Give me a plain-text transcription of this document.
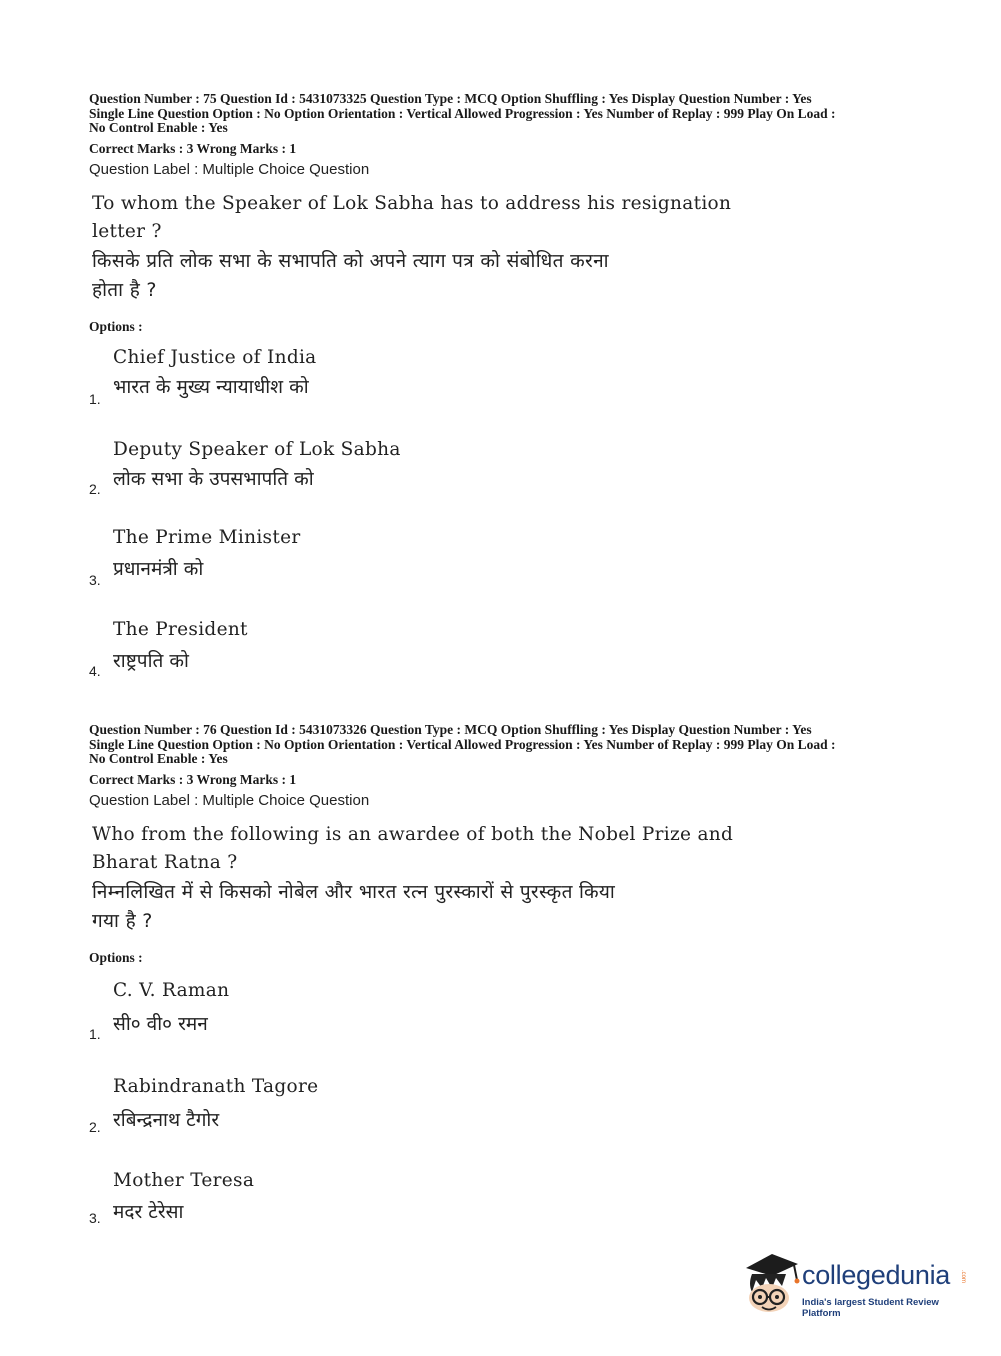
Question Number : 75 Question Id : 5431073325 Question Type : MCQ Option Shuffling : Yes Display Question Number : Yes
Single Line Question Option : No Option Orientation : Vertical Allowed Progression : Yes Number of Replay : 999 Play On Load :
No Control Enable : Yes
Correct Marks : 3 Wrong Marks : 1
Question Label : Multiple Choice Question
To whom the Speaker of Lok Sabha has to address his resignation
letter ?
किसके प्रति लोक सभा के सभापति को अपने त्याग पत्र को संबोधित करना
होता है ?
Options :
Chief Justice of India
भारत के मुख्य न्यायाधीश को
1.
Deputy Speaker of Lok Sabha
लोक सभा के उपसभापति को
2.
The Prime Minister
प्रधानमंत्री को
3.
The President
राष्ट्रपति को
4.
Question Number : 76 Question Id : 5431073326 Question Type : MCQ Option Shuffling : Yes Display Question Number : Yes
Single Line Question Option : No Option Orientation : Vertical Allowed Progression : Yes Number of Replay : 999 Play On Load :
No Control Enable : Yes
Correct Marks : 3 Wrong Marks : 1
Question Label : Multiple Choice Question
Who from the following is an awardee of both the Nobel Prize and
Bharat Ratna ?
निम्नलिखित में से किसको नोबेल और भारत रत्न पुरस्कारों से पुरस्कृत किया
गया है ?
Options :
C. V. Raman
सी० वी० रमन
1.
Rabindranath Tagore
रबिन्द्रनाथ टैगोर
2.
Mother Teresa
मदर टेरेसा
3.
collegedunia .com
India's largest Student Review Platform
